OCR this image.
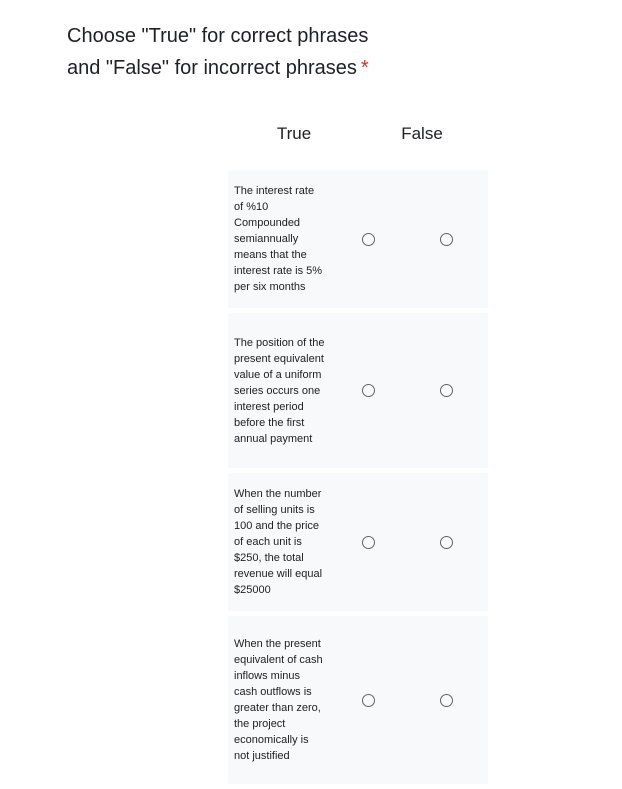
Choose "True" for correct phrases
and "False" for incorrect phrases *
True	False
The interest rate of %10 Compounded semiannually means that the interest rate is 5% per six months
The position of the present equivalent value of a uniform series occurs one interest period before the first annual payment
When the number of selling units is 100 and the price of each unit is $250, the total revenue will equal $25000
When the present equivalent of cash inflows minus cash outflows is greater than zero, the project economically is not justified
